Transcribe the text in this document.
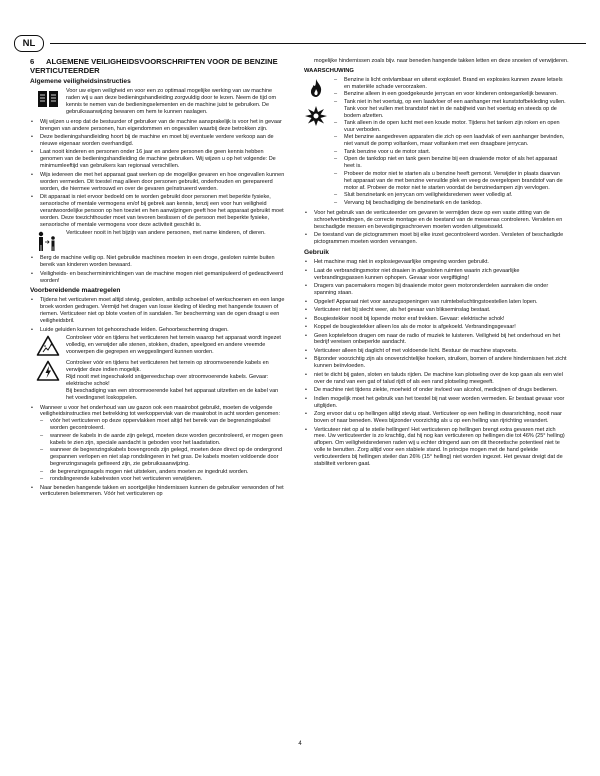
NL
6 ALGEMENE VEILIGHEIDSVOORSCHRIFTEN VOOR DE BENZINE VERTICUTEERDER
Algemene veiligheidsinstructies
Voor uw eigen veiligheid en voor een zo optimaal mogelijke werking van uw machine raden wij u aan deze bedieningshandleiding zorgvuldig door te lezen. Neem de tijd om kennis te nemen van de bedieningselementen en de machine juist te gebruiken. De gebruiksaanwijzing bewaren om hem te kunnen naslagen.
• Wij wijzen u erop dat de bestuurder of gebruiker van de machine aansprakelijk is voor het in gevaar brengen van andere personen, hun eigendommen en ongevallen waarbij deze betrokken zijn.
• Deze bedieningshandleiding hoort bij de machine en moet bij eventuele verdere verkoop aan de nieuwe eigenaar worden overhandigd.
• Laat nooit kinderen en personen onder 16 jaar en andere personen die geen kennis hebben genomen van de bedieningshandleiding de machine gebruiken. Wij wijzen u op het volgende: De minimumleeftijd van gebruikers kan regionaal verschillen.
• Wijs iedereen die met het apparaat gaat werken op de mogelijke gevaren en hoe ongevallen kunnen worden vermeden. Dit toestel mag alleen door personen gebruikt, onderhouden en gerepareerd worden, die hiermee vertrouwd en over de gevaren geïnstrueerd werden.
• Dit apparaat is niet ervoor bedoeld om te worden gebruikt door personen met beperkte fysieke, sensorische of mentale vermogens en/of bij gebrek aan kennis, tenzij een voor hun veiligheid verantwoordelijke persoon op hen toeziet en hen aanwijzingen geeft hoe het apparaat gebruikt moet worden. Deze toezichthouder moet van tevoren beslissen of de persoon met beperkte fysieke, sensorische of mentale vermogens voor deze activiteit geschikt is.
Verticuteer nooit in het bijzijn van andere personen, met name kinderen, of dieren.
• Berg de machine veilig op. Niet gebruikte machines moeten in een droge, gesloten ruimte buiten bereik van kinderen worden bewaard.
• Veiligheids- en beschermininrichtingen van de machine mogen niet gemanipuleerd of gedeactiveerd worden!
Voorbereidende maatregelen
• Tijdens het verticuteren moet altijd stevig, gesloten, antislip schoeisel of werkschoenen en een lange broek worden gedragen. Vermijd het dragen van losse kleding of kleding met hangende touwen of riemen. Verticuteer niet op blote voeten of in sandalen. Ter bescherming van de ogen draagt u een veiligheidsbril.
• Luide geluiden kunnen tot gehoorschade leiden. Gehoorbescherming dragen.
Controleer vóór en tijdens het verticuteren het terrein waarop het apparaat wordt ingezet volledig, en verwijder alle stenen, stokken, draden, speelgoed en andere vreemde voorwerpen die gegrepen en weggeslingerd kunnen worden.
Controleer vóór en tijdens het verticuteren het terrein op stroomvoerende kabels en verwijder deze indien mogelijk.
Rijd nooit met ingeschakeld snijgereedschap over stroomvoerende kabels. Gevaar: elektrische schok!
Bij beschadiging van een stroomvoerende kabel het apparaat uitzetten en de kabel van het voedingsnet loskoppelen.
• Wanneer u voor het onderhoud van uw gazon ook een maairobot gebruikt, moeten de volgende veiligheidsinstructies met betrekking tot werkopperviak van de maairobot in acht worden genomen:
– vóór het verticuteren op deze oppervlakken moet altijd het bereik van de begrenzingskabel worden gecontroleerd.
– wanneer de kabels in de aarde zijn gelegd, moeten deze worden gecontroleerd, er mogen geen kabels te zien zijn, speciale aandacht is geboden voor het laadstation.
– wanneer de begrenzingskabels bovengronds zijn gelegd, moeten deze direct op de ondergrond gespannen verlopen en niet slap rondslingeren in het gras. De kabels moeten voldoende door begrenzingsnagels gefixeerd zijn, zie gebruiksaanwijzing.
– de begrenzingsnagels mogen niet uitsteken, anders moeten ze ingedrukt worden.
– rondslingerende kabelresten voor het verticuteren verwijderen.
• Naar beneden hangende takken en soortgelijke hindernissen kunnen de gebruiker verwonden of het verticuteren belemmeren. Vóór het verticuteren op
mogelijke hindernissen zoals bijv. naar beneden hangende takken letten en deze snoeien of verwijderen.
WAARSCHUWING

– Benzine is licht ontvlambaar en uiterst explosief. Brand en explosies kunnen zware letsels en materiële schade veroorzaken.
– Benzine alleen in een goedgekeurde jerrycan en voor kinderen ontoegankelijk bewaren.
– Tank niet in het voertuig, op een laadvloer of een aanhanger met kunststofbekleding vullen. Tank voor het vullen met brandstof niet in de nabijheid van het voertuig en steeds op de bodem afzetten.
– Tank alleen in de open lucht met een koude motor. Tijdens het tanken zijn roken en open vuur verboden.
– Met benzine aangedreven apparaten die zich op een laadvlak of een aanhanger bevinden, niet vanuit de pomp voltanken, maar voltanken met een draagbare jerrycan.
– Tank benzine voor u de motor start.
– Open de tankdop niet en tank geen benzine bij een draaiende motor of als het apparaat heet is.
– Probeer de motor niet te starten als u benzine heeft gemorst. Verwijder in plaats daarvan het apparaat van de met benzine vervuilde plek en veeg de overgelopen brandstof van de motor af. Probeer de motor niet te starten voordat de benzinedampen zijn vervlogen.
– Sluit benzinetank en jerrycan om veiligheidsredenen weer volledig af.
– Vervang bij beschadiging de benzinetank en de tankdop.
• Voor het gebruik van de verticuteerder om gevaren te vermijden deze op een vaste zitting van de schroefverbindingen, de correcte montage en de toestand van de messenas controleren. Versleten en beschadigde messen en bevestigingsschroeven moeten worden uitgewisseld.
• De toestand van de pictogrammen moet bij elke inzet gecontroleerd worden. Versleten of beschadigde pictogrammen moeten worden vervangen.
Gebruik
• Het machine mag niet in explosiegevaarlijke omgeving worden gebruikt.
• Laat de verbrandingsmotor niet draaien in afgesloten ruimten waarin zich gevaarlijke verbrandingsgassen kunnen ophopen. Gevaar voor vergiftiging!
• Dragers van pacemakers mogen bij draaiende motor geen motoronderdelen aanraken die onder spanning staan.
• Opgelet! Apparaat niet voor aanzugsopeningen van ruimtebeluchtingstoestellen laten lopen.
• Verticuteer niet bij slecht weer, als het gevaar van blikseminslag bestaat.
• Bougiestekker nooit bij lopende motor eraf trekken. Gevaar: elektrische schok!
• Koppel de bougiestekker alleen los als de motor is afgekoeld. Verbrandingsgevaar!
• Geen koptelefoon dragen om naar de radio of muziek te luisteren. Veiligheid bij het onderhoud en het bedrijf vereisen onbeperkte aandacht.
• Verticuteer alleen bij daglicht of met voldoende licht. Bestuur de machine stapvoets.
• Bijzonder voorzichtig zijn als onoverzichtelijke hoeken, struiken, bomen of andere hindernissen het zicht kunnen beïnvloeden.
• niet te dicht bij gaten, sloten en taluds rijden. De machine kan plotseling over de kop gaan als een wiel over de rand van een gat of talud rijdt of als een rand plotseling meegeeft.
• De machine niet tijdens ziekte, moeheid of onder invloed van alcohol, medicijnen of drugs bedienen.
• Indien mogelijk moet het gebruik van het toestel bij nat weer worden vermeden. Er bestaat gevaar voor uitglijden.
• Zorg ervoor dat u op hellingen altijd stevig staat. Verticuteer op een helling in dwarsrichting, nooit naar boven of naar beneden. Wees bijzonder voorzichtig als u op een helling van rijrichting verandert.
• Verticuteer niet op al te steile hellingen! Het verticuteren op hellingen brengt extra gevaren met zich mee. Uw verticuteerder is zo krachtig, dat hij nog kan verticuteren op hellingen die tot 46% (25° helling) aflopen. Om veiligheidsredenen raden wij u echter dringend aan om dit theoretische potentieel niet te volle te benutten. Zorg altijd voor een stabiele stand. In principe mogen met de hand geleide verticuteerders bij hellingen steiler dan 26% (15° helling) niet worden ingezet. Het gevaar dreigt dat de stabiliteit verloren gaat.
4
